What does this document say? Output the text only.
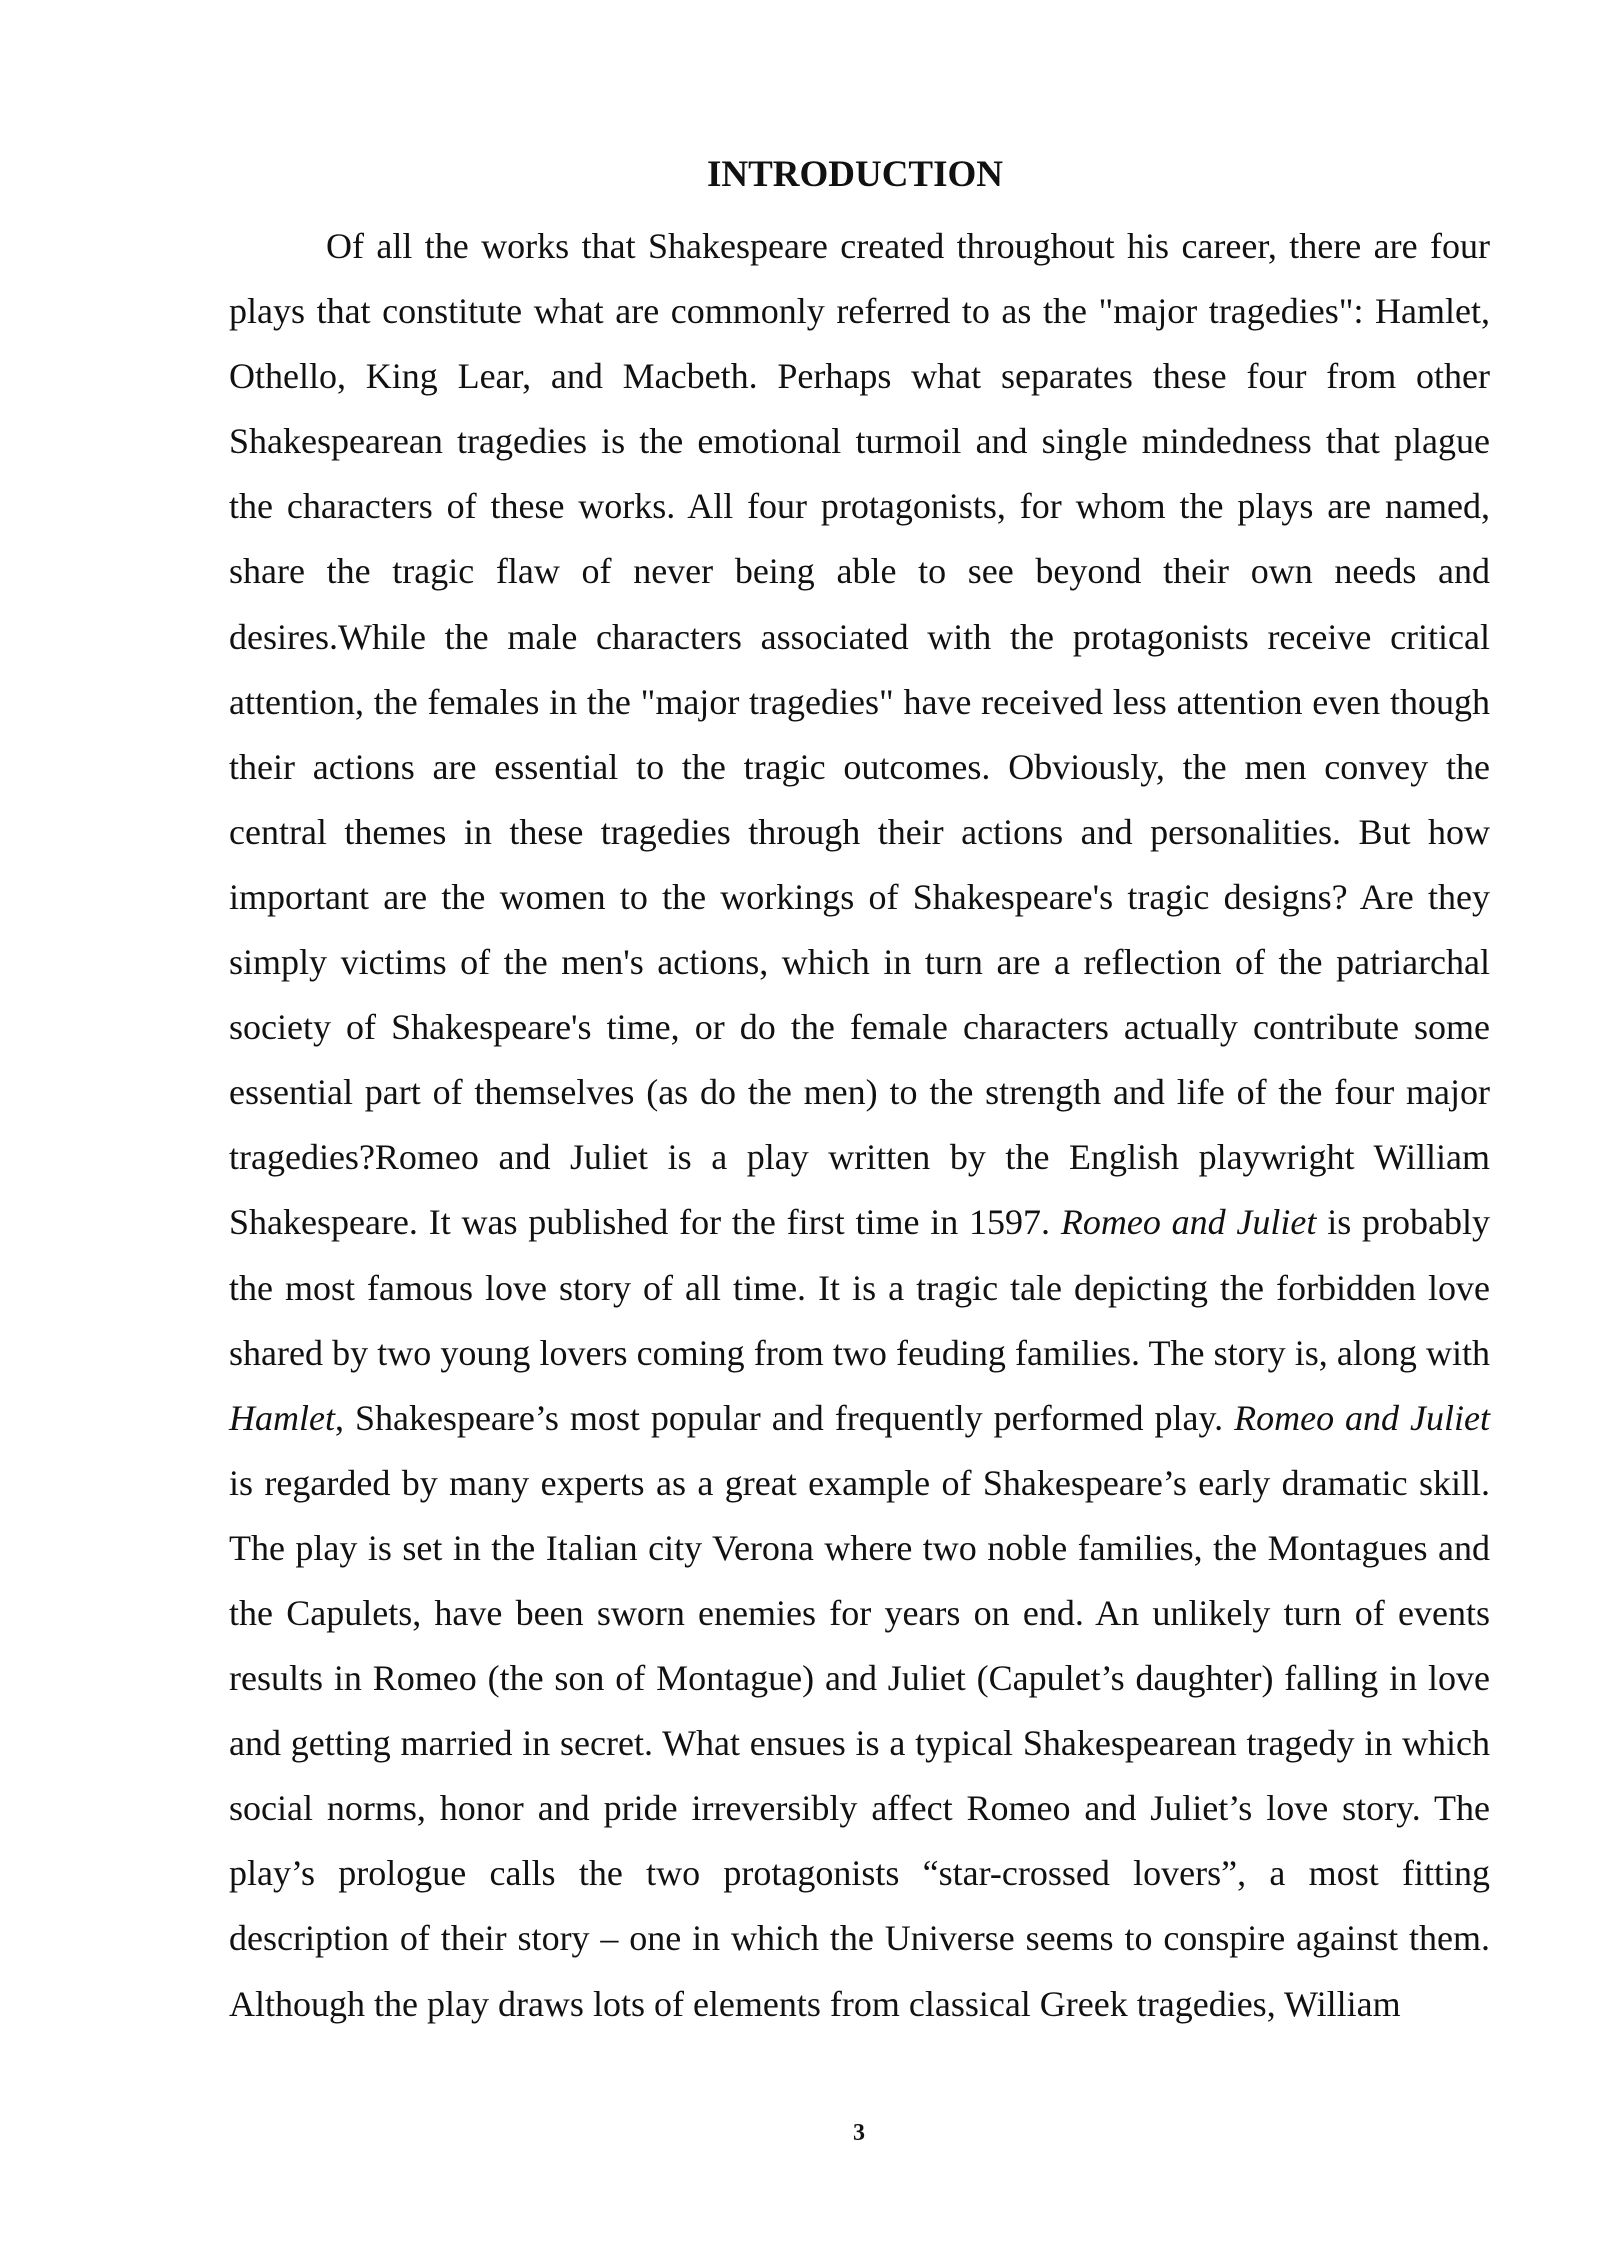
INTRODUCTION

Of all the works that Shakespeare created throughout his career, there are four plays that constitute what are commonly referred to as the "major tragedies": Hamlet, Othello, King Lear, and Macbeth. Perhaps what separates these four from other Shakespearean tragedies is the emotional turmoil and single mindedness that plague the characters of these works. All four protagonists, for whom the plays are named, share the tragic flaw of never being able to see beyond their own needs and desires.While the male characters associated with the protagonists receive critical attention, the females in the "major tragedies" have received less attention even though their actions are essential to the tragic outcomes. Obviously, the men convey the central themes in these tragedies through their actions and personalities. But how important are the women to the workings of Shakespeare's tragic designs? Are they simply victims of the men's actions, which in turn are a reflection of the patriarchal society of Shakespeare's time, or do the female characters actually contribute some essential part of themselves (as do the men) to the strength and life of the four major tragedies?Romeo and Juliet is a play written by the English playwright William Shakespeare. It was published for the first time in 1597. Romeo and Juliet is probably the most famous love story of all time. It is a tragic tale depicting the forbidden love shared by two young lovers coming from two feuding families. The story is, along with Hamlet, Shakespeare’s most popular and frequently performed play. Romeo and Juliet is regarded by many experts as a great example of Shakespeare’s early dramatic skill. The play is set in the Italian city Verona where two noble families, the Montagues and the Capulets, have been sworn enemies for years on end. An unlikely turn of events results in Romeo (the son of Montague) and Juliet (Capulet’s daughter) falling in love and getting married in secret. What ensues is a typical Shakespearean tragedy in which social norms, honor and pride irreversibly affect Romeo and Juliet’s love story. The play’s prologue calls the two protagonists “star-crossed lovers”, a most fitting description of their story – one in which the Universe seems to conspire against them. Although the play draws lots of elements from classical Greek tragedies, William

3
